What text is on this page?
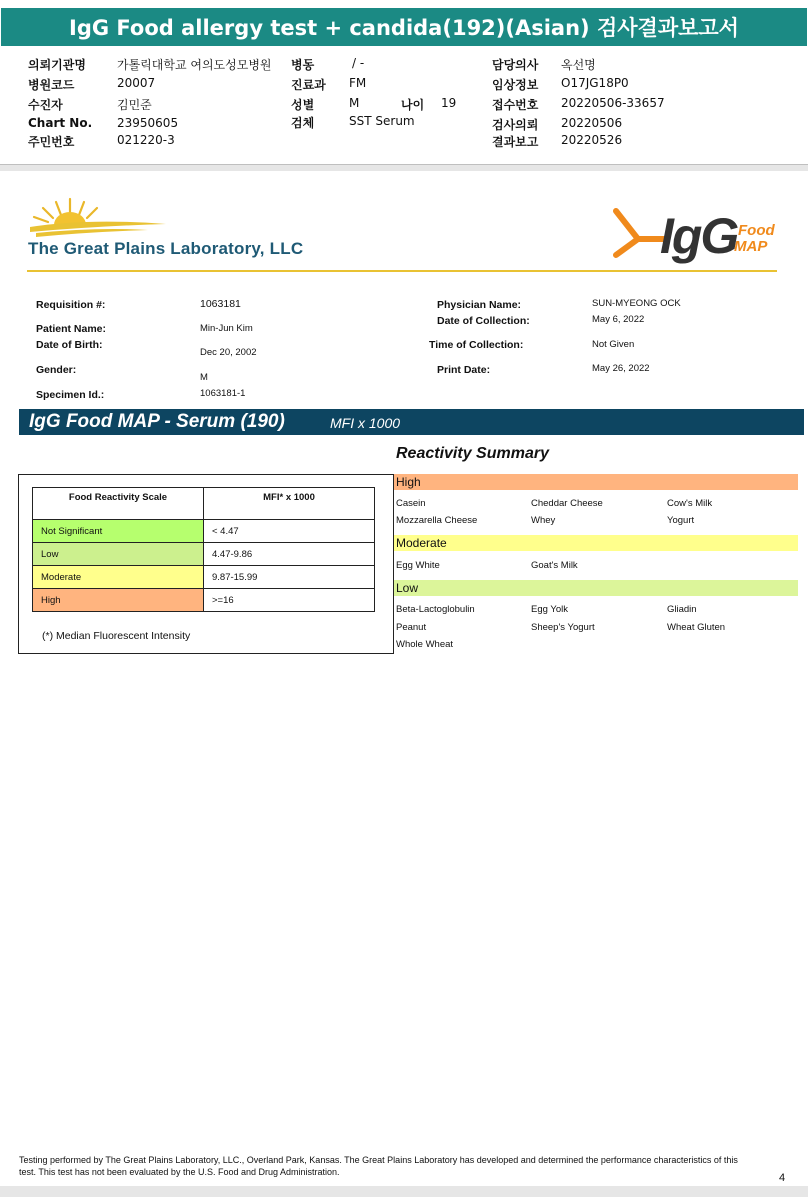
IgG Food allergy test + candida(192)(Asian) 검사결과보고서
의뢰기관명	가톨릭대학교 여의도성모병원
병원코드	20007
수진자	김민준
Chart No. 23950605
주민번호	021220-3
병동	/ -
진료과 FM
성별	M	나이 19
검체	SST Serum
담당의사 옥선명
임상정보 O17JG18P0
접수번호 20220506-33657
검사의뢰 20220506
결과보고 20220526
The Great Plains Laboratory, LLC	IgG Food
MAP
Requisition #:	1063181
Patient Name:	Min-Jun Kim
Date of Birth:
Dec 20, 2002
Gender:
M
Specimen Id.:	1063181-1
Physician Name:	SUN-MYEONG OCK
Date of Collection:	May 6, 2022
Time of Collection:	Not Given
Print Date:	May 26, 2022
IgG Food MAP - Serum (190)	MFI x 1000
Food Reactivity Scale	MFI* x 1000
Not Significant	< 4.47
Low	4.47-9.86
Moderate	9.87-15.99
High	>=16
(*) Median Fluorescent Intensity
Reactivity Summary
High
Casein	Cheddar Cheese	Cow's Milk
Mozzarella Cheese	Whey	Yogurt
Moderate
Egg White	Goat's Milk
Low
Beta-Lactoglobulin	Egg Yolk	Gliadin
Peanut	Sheep's Yogurt	Wheat Gluten
Whole Wheat
Testing performed by The Great Plains Laboratory, LLC., Overland Park, Kansas. The Great Plains Laboratory has developed and determined the performance characteristics of this test. This test has not been evaluated by the U.S. Food and Drug Administration.	4
